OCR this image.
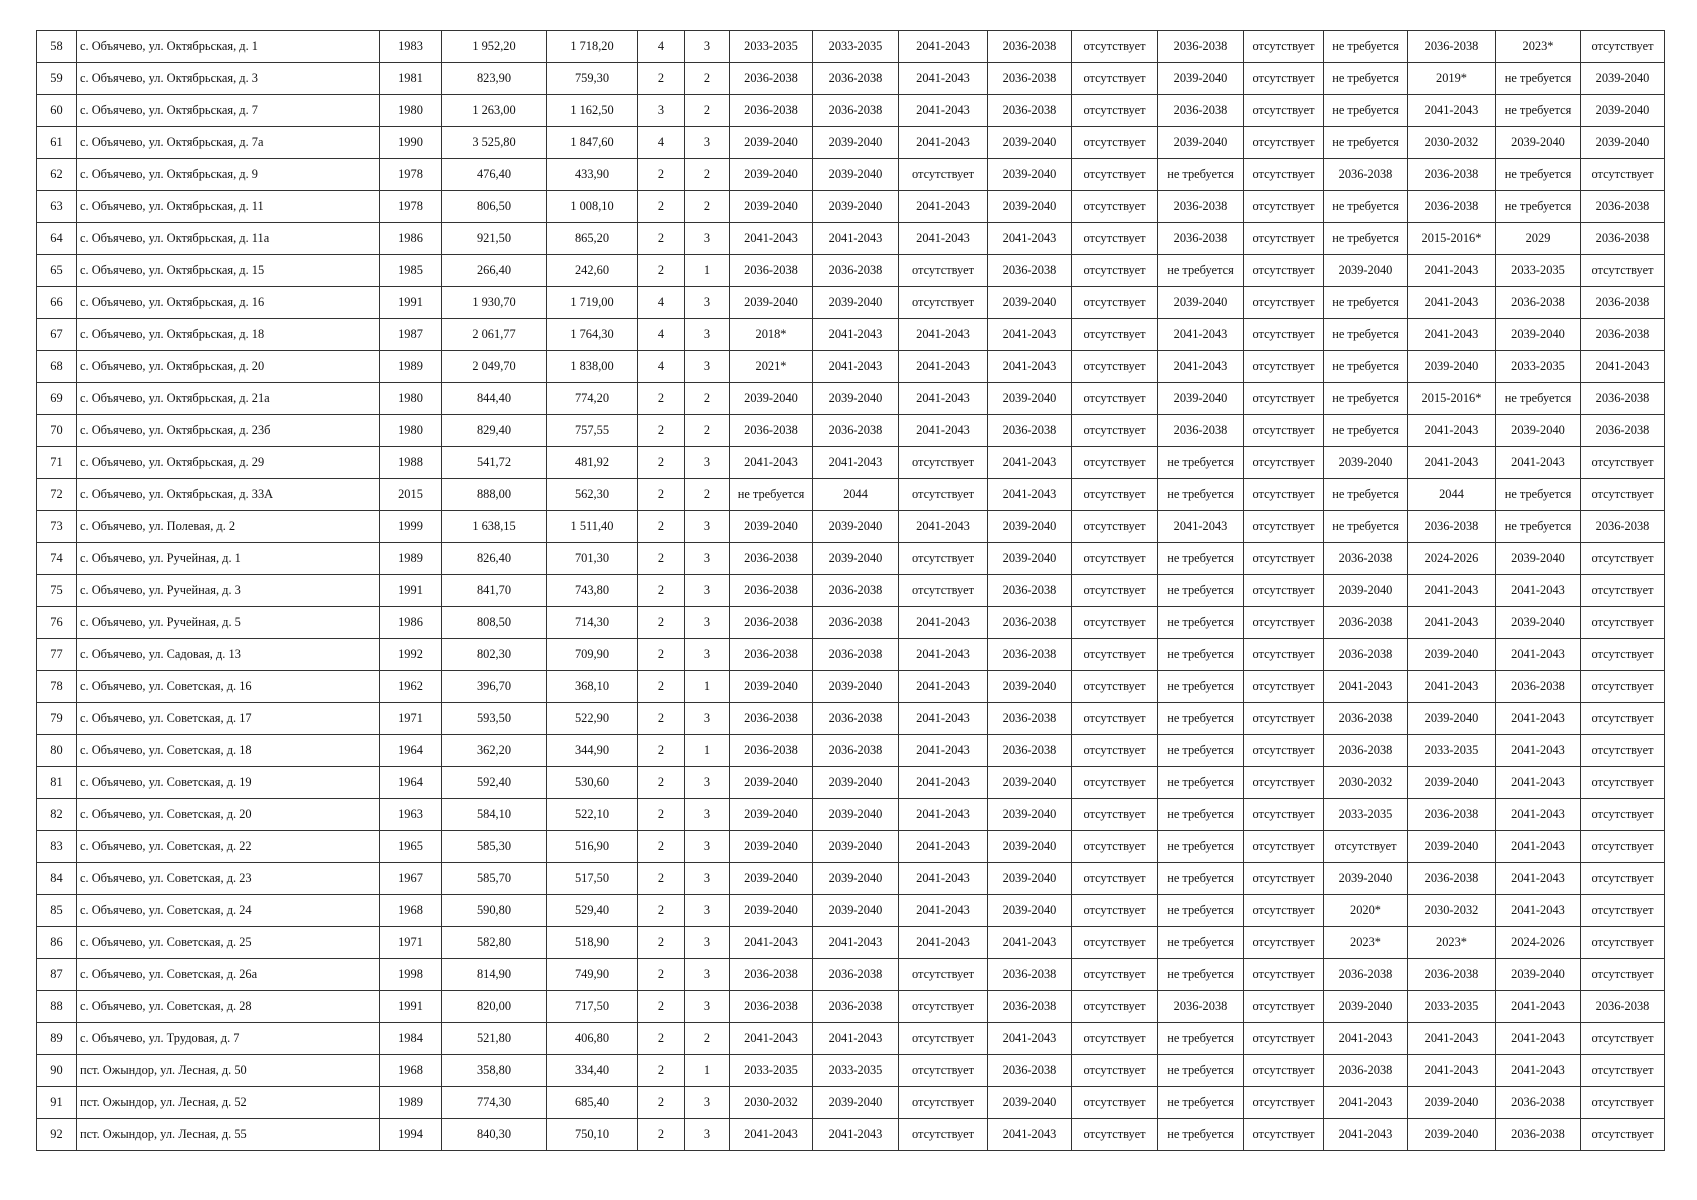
58	с. Объячево, ул. Октябрьская, д. 1	1983	1 952,20	1 718,20	4	3	2033-2035	2033-2035	2041-2043	2036-2038	отсутствует	2036-2038	отсутствует	не требуется	2036-2038	2023*	отсутствует
59	с. Объячево, ул. Октябрьская, д. 3	1981	823,90	759,30	2	2	2036-2038	2036-2038	2041-2043	2036-2038	отсутствует	2039-2040	отсутствует	не требуется	2019*	не требуется	2039-2040
60	с. Объячево, ул. Октябрьская, д. 7	1980	1 263,00	1 162,50	3	2	2036-2038	2036-2038	2041-2043	2036-2038	отсутствует	2036-2038	отсутствует	не требуется	2041-2043	не требуется	2039-2040
61	с. Объячево, ул. Октябрьская, д. 7а	1990	3 525,80	1 847,60	4	3	2039-2040	2039-2040	2041-2043	2039-2040	отсутствует	2039-2040	отсутствует	не требуется	2030-2032	2039-2040	2039-2040
62	с. Объячево, ул. Октябрьская, д. 9	1978	476,40	433,90	2	2	2039-2040	2039-2040	отсутствует	2039-2040	отсутствует	не требуется	отсутствует	2036-2038	2036-2038	не требуется	отсутствует
63	с. Объячево, ул. Октябрьская, д. 11	1978	806,50	1 008,10	2	2	2039-2040	2039-2040	2041-2043	2039-2040	отсутствует	2036-2038	отсутствует	не требуется	2036-2038	не требуется	2036-2038
64	с. Объячево, ул. Октябрьская, д. 11а	1986	921,50	865,20	2	3	2041-2043	2041-2043	2041-2043	2041-2043	отсутствует	2036-2038	отсутствует	не требуется	2015-2016*	2029	2036-2038
65	с. Объячево, ул. Октябрьская, д. 15	1985	266,40	242,60	2	1	2036-2038	2036-2038	отсутствует	2036-2038	отсутствует	не требуется	отсутствует	2039-2040	2041-2043	2033-2035	отсутствует
66	с. Объячево, ул. Октябрьская, д. 16	1991	1 930,70	1 719,00	4	3	2039-2040	2039-2040	отсутствует	2039-2040	отсутствует	2039-2040	отсутствует	не требуется	2041-2043	2036-2038	2036-2038
67	с. Объячево, ул. Октябрьская, д. 18	1987	2 061,77	1 764,30	4	3	2018*	2041-2043	2041-2043	2041-2043	отсутствует	2041-2043	отсутствует	не требуется	2041-2043	2039-2040	2036-2038
68	с. Объячево, ул. Октябрьская, д. 20	1989	2 049,70	1 838,00	4	3	2021*	2041-2043	2041-2043	2041-2043	отсутствует	2041-2043	отсутствует	не требуется	2039-2040	2033-2035	2041-2043
69	с. Объячево, ул. Октябрьская, д. 21а	1980	844,40	774,20	2	2	2039-2040	2039-2040	2041-2043	2039-2040	отсутствует	2039-2040	отсутствует	не требуется	2015-2016*	не требуется	2036-2038
70	с. Объячево, ул. Октябрьская, д. 23б	1980	829,40	757,55	2	2	2036-2038	2036-2038	2041-2043	2036-2038	отсутствует	2036-2038	отсутствует	не требуется	2041-2043	2039-2040	2036-2038
71	с. Объячево, ул. Октябрьская, д. 29	1988	541,72	481,92	2	3	2041-2043	2041-2043	отсутствует	2041-2043	отсутствует	не требуется	отсутствует	2039-2040	2041-2043	2041-2043	отсутствует
72	с. Объячево, ул. Октябрьская, д. 33А	2015	888,00	562,30	2	2	не требуется	2044	отсутствует	2041-2043	отсутствует	не требуется	отсутствует	не требуется	2044	не требуется	отсутствует
73	с. Объячево, ул. Полевая, д. 2	1999	1 638,15	1 511,40	2	3	2039-2040	2039-2040	2041-2043	2039-2040	отсутствует	2041-2043	отсутствует	не требуется	2036-2038	не требуется	2036-2038
74	с. Объячево, ул. Ручейная, д. 1	1989	826,40	701,30	2	3	2036-2038	2039-2040	отсутствует	2039-2040	отсутствует	не требуется	отсутствует	2036-2038	2024-2026	2039-2040	отсутствует
75	с. Объячево, ул. Ручейная, д. 3	1991	841,70	743,80	2	3	2036-2038	2036-2038	отсутствует	2036-2038	отсутствует	не требуется	отсутствует	2039-2040	2041-2043	2041-2043	отсутствует
76	с. Объячево, ул. Ручейная, д. 5	1986	808,50	714,30	2	3	2036-2038	2036-2038	2041-2043	2036-2038	отсутствует	не требуется	отсутствует	2036-2038	2041-2043	2039-2040	отсутствует
77	с. Объячево, ул. Садовая, д. 13	1992	802,30	709,90	2	3	2036-2038	2036-2038	2041-2043	2036-2038	отсутствует	не требуется	отсутствует	2036-2038	2039-2040	2041-2043	отсутствует
78	с. Объячево, ул. Советская, д. 16	1962	396,70	368,10	2	1	2039-2040	2039-2040	2041-2043	2039-2040	отсутствует	не требуется	отсутствует	2041-2043	2041-2043	2036-2038	отсутствует
79	с. Объячево, ул. Советская, д. 17	1971	593,50	522,90	2	3	2036-2038	2036-2038	2041-2043	2036-2038	отсутствует	не требуется	отсутствует	2036-2038	2039-2040	2041-2043	отсутствует
80	с. Объячево, ул. Советская, д. 18	1964	362,20	344,90	2	1	2036-2038	2036-2038	2041-2043	2036-2038	отсутствует	не требуется	отсутствует	2036-2038	2033-2035	2041-2043	отсутствует
81	с. Объячево, ул. Советская, д. 19	1964	592,40	530,60	2	3	2039-2040	2039-2040	2041-2043	2039-2040	отсутствует	не требуется	отсутствует	2030-2032	2039-2040	2041-2043	отсутствует
82	с. Объячево, ул. Советская, д. 20	1963	584,10	522,10	2	3	2039-2040	2039-2040	2041-2043	2039-2040	отсутствует	не требуется	отсутствует	2033-2035	2036-2038	2041-2043	отсутствует
83	с. Объячево, ул. Советская, д. 22	1965	585,30	516,90	2	3	2039-2040	2039-2040	2041-2043	2039-2040	отсутствует	не требуется	отсутствует	отсутствует	2039-2040	2041-2043	отсутствует
84	с. Объячево, ул. Советская, д. 23	1967	585,70	517,50	2	3	2039-2040	2039-2040	2041-2043	2039-2040	отсутствует	не требуется	отсутствует	2039-2040	2036-2038	2041-2043	отсутствует
85	с. Объячево, ул. Советская, д. 24	1968	590,80	529,40	2	3	2039-2040	2039-2040	2041-2043	2039-2040	отсутствует	не требуется	отсутствует	2020*	2030-2032	2041-2043	отсутствует
86	с. Объячево, ул. Советская, д. 25	1971	582,80	518,90	2	3	2041-2043	2041-2043	2041-2043	2041-2043	отсутствует	не требуется	отсутствует	2023*	2023*	2024-2026	отсутствует
87	с. Объячево, ул. Советская, д. 26а	1998	814,90	749,90	2	3	2036-2038	2036-2038	отсутствует	2036-2038	отсутствует	не требуется	отсутствует	2036-2038	2036-2038	2039-2040	отсутствует
88	с. Объячево, ул. Советская, д. 28	1991	820,00	717,50	2	3	2036-2038	2036-2038	отсутствует	2036-2038	отсутствует	2036-2038	отсутствует	2039-2040	2033-2035	2041-2043	2036-2038
89	с. Объячево, ул. Трудовая, д. 7	1984	521,80	406,80	2	2	2041-2043	2041-2043	отсутствует	2041-2043	отсутствует	не требуется	отсутствует	2041-2043	2041-2043	2041-2043	отсутствует
90	пст. Ожындор, ул. Лесная, д. 50	1968	358,80	334,40	2	1	2033-2035	2033-2035	отсутствует	2036-2038	отсутствует	не требуется	отсутствует	2036-2038	2041-2043	2041-2043	отсутствует
91	пст. Ожындор, ул. Лесная, д. 52	1989	774,30	685,40	2	3	2030-2032	2039-2040	отсутствует	2039-2040	отсутствует	не требуется	отсутствует	2041-2043	2039-2040	2036-2038	отсутствует
92	пст. Ожындор, ул. Лесная, д. 55	1994	840,30	750,10	2	3	2041-2043	2041-2043	отсутствует	2041-2043	отсутствует	не требуется	отсутствует	2041-2043	2039-2040	2036-2038	отсутствует
